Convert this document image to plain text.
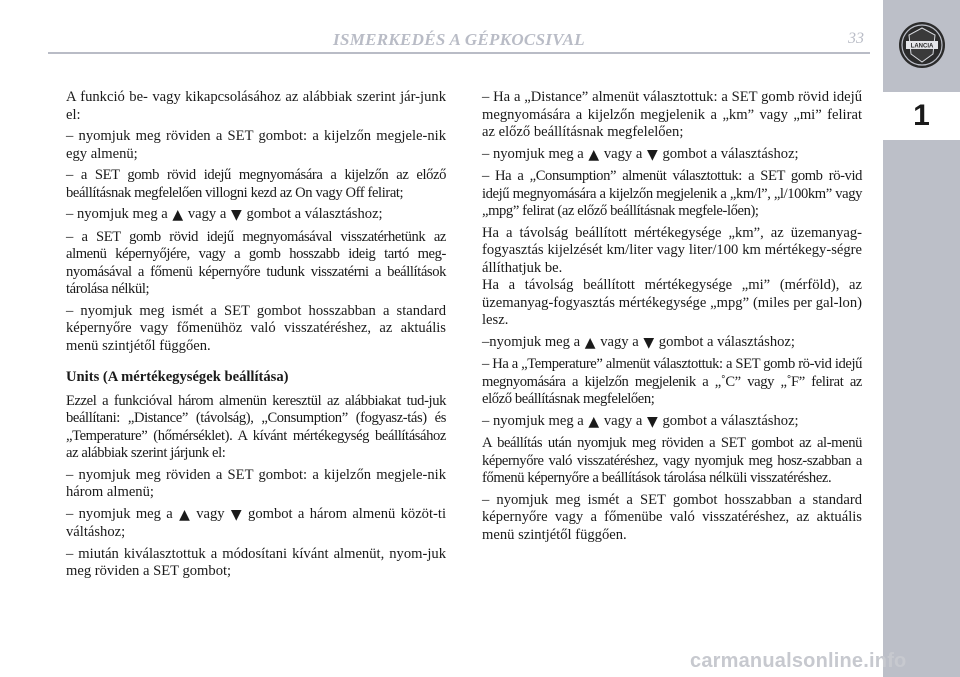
ISMERKEDÉS A GÉPKOCSIVAL	33	LANCIA
1

A funkció be- vagy kikapcsolásához az alábbiak szerint jár-junk el:

– nyomjuk meg röviden a SET gombot: a kijelzőn megjele-nik egy almenü;

– a SET gomb rövid idejű megnyomására a kijelzőn az előző beállításnak megfelelően villogni kezd az On vagy Off felirat;

– nyomjuk meg a ▲ vagy a ▼ gombot a választáshoz;

– a SET gomb rövid idejű megnyomásával visszatérhetünk az almenü képernyőjére, vagy a gomb hosszabb ideig tartó meg-nyomásával a főmenü képernyőre tudunk visszatérni a beállítások tárolása nélkül;

– nyomjuk meg ismét a SET gombot hosszabban a standard képernyőre vagy főmenühöz való visszatéréshez, az aktuális menü szintjétől függően.

Units (A mértékegységek beállítása)

Ezzel a funkcióval három almenün keresztül az alábbiakat tud-juk beállítani: „Distance” (távolság), „Consumption” (fogyasz-tás) és „Temperature” (hőmérséklet). A kívánt mértékegység beállításához az alábbiak szerint járjunk el:

– nyomjuk meg röviden a SET gombot: a kijelzőn megjele-nik három almenü;

– nyomjuk meg a ▲ vagy ▼ gombot a három almenü közöt-ti váltáshoz;

– miután kiválasztottuk a módosítani kívánt almenüt, nyom-juk meg röviden a SET gombot;

– Ha a „Distance” almenüt választottuk: a SET gomb rövid idejű megnyomására a kijelzőn megjelenik a „km” vagy „mi” felirat az előző beállításnak megfelelően;

– nyomjuk meg a ▲ vagy a ▼ gombot a választáshoz;

– Ha a „Consumption” almenüt választottuk: a SET gomb rö-vid idejű megnyomására a kijelzőn megjelenik a „km/l”, „l/100km” vagy „mpg” felirat (az előző beállításnak megfele-lően);

Ha a távolság beállított mértékegysége „km”, az üzemanyag-fogyasztás kijelzését km/liter vagy liter/100 km mértékegy-ségre állíthatjuk be.

Ha a távolság beállított mértékegysége „mi” (mérföld), az üzemanyag-fogyasztás mértékegysége „mpg” (miles per gal-lon) lesz.

–nyomjuk meg a ▲ vagy a ▼ gombot a választáshoz;

– Ha a „Temperature” almenüt választottuk: a SET gomb rö-vid idejű megnyomására a kijelzőn megjelenik a „˚C” vagy „˚F” felirat az előző beállításnak megfelelően;

– nyomjuk meg a ▲ vagy a ▼ gombot a választáshoz;

A beállítás után nyomjuk meg röviden a SET gombot az al-menü képernyőre való visszatéréshez, vagy nyomjuk meg hosz-szabban a főmenü képernyőre a beállítások tárolása nélküli visszatéréshez.

– nyomjuk meg ismét a SET gombot hosszabban a standard képernyőre vagy a főmenübe való visszatéréshez, az aktuális menü szintjétől függően.

carmanualsonline.info
